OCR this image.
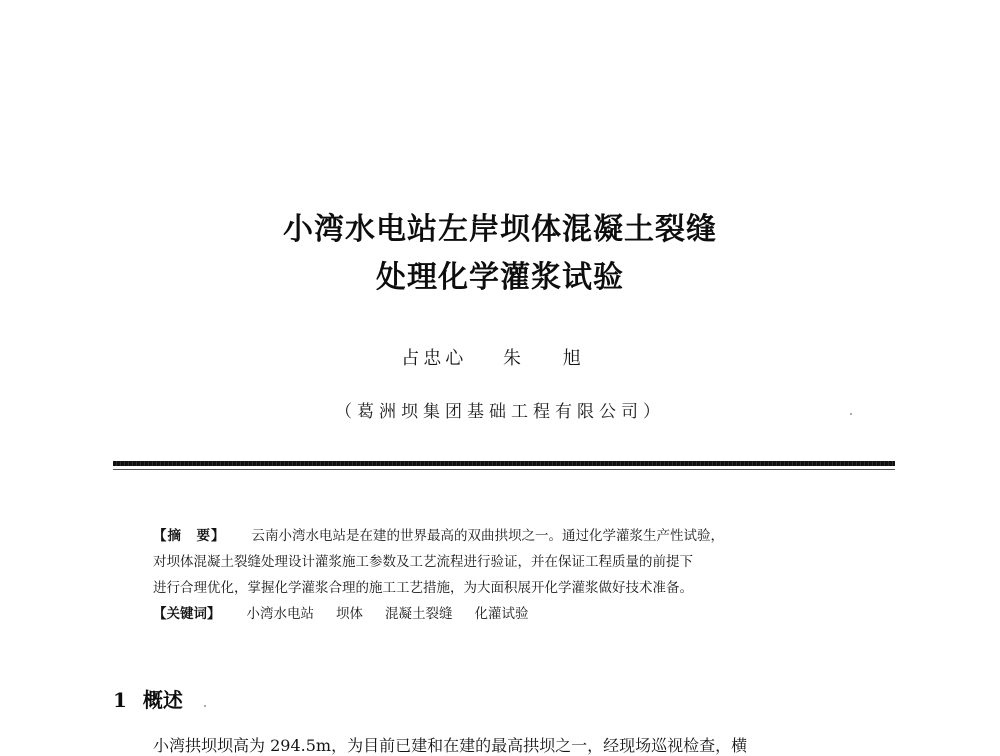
小湾水电站左岸坝体混凝土裂缝
处理化学灌浆试验
占忠心 朱 旭
（葛洲坝集团基础工程有限公司）
【摘　要】 云南小湾水电站是在建的世界最高的双曲拱坝之一。通过化学灌浆生产性试验，
对坝体混凝土裂缝处理设计灌浆施工参数及工艺流程进行验证，并在保证工程质量的前提下
进行合理优化，掌握化学灌浆合理的施工工艺措施，为大面积展开化学灌浆做好技术准备。
【关键词】 小湾水电站 坝体 混凝土裂缝 化灌试验
1 概述
小湾拱坝坝高为 294.5m，为目前已建和在建的最高拱坝之一，经现场巡视检查，横
